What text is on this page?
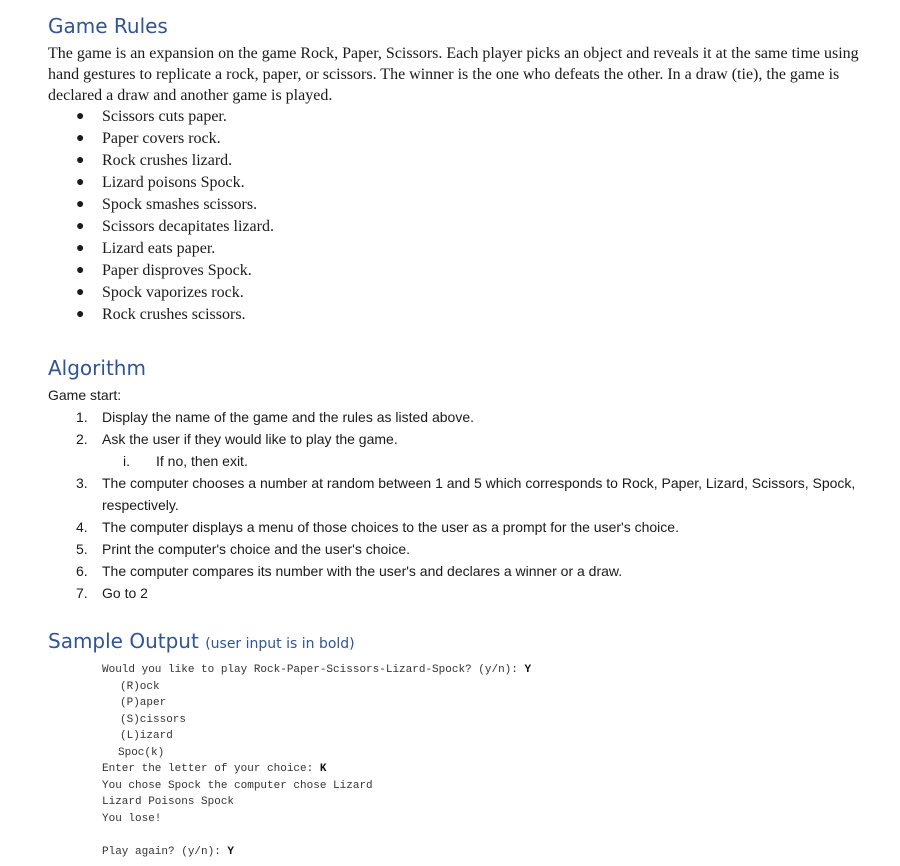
Game Rules

The game is an expansion on the game Rock, Paper, Scissors. Each player picks an object and reveals it at the same time using hand gestures to replicate a rock, paper, or scissors. The winner is the one who defeats the other. In a draw (tie), the game is declared a draw and another game is played.

● Scissors cuts paper.
● Paper covers rock.
● Rock crushes lizard.
● Lizard poisons Spock.
● Spock smashes scissors.
● Scissors decapitates lizard.
● Lizard eats paper.
● Paper disproves Spock.
● Spock vaporizes rock.
● Rock crushes scissors.
Algorithm
Game start:
1. Display the name of the game and the rules as listed above.
2. Ask the user if they would like to play the game.
i. If no, then exit.
3. The computer chooses a number at random between 1 and 5 which corresponds to Rock, Paper, Lizard, Scissors, Spock, respectively.
4. The computer displays a menu of those choices to the user as a prompt for the user's choice.
5. Print the computer's choice and the user's choice.
6. The computer compares its number with the user's and declares a winner or a draw.
7. Go to 2
Sample Output (user input is in bold)
Would you like to play Rock-Paper-Scissors-Lizard-Spock? (y/n): Y
(R)ock
(P)aper
(S)cissors
(L)izard
Spoc(k)
Enter the letter of your choice: K
You chose Spock the computer chose Lizard
Lizard Poisons Spock
You lose!
Play again? (y/n): Y
